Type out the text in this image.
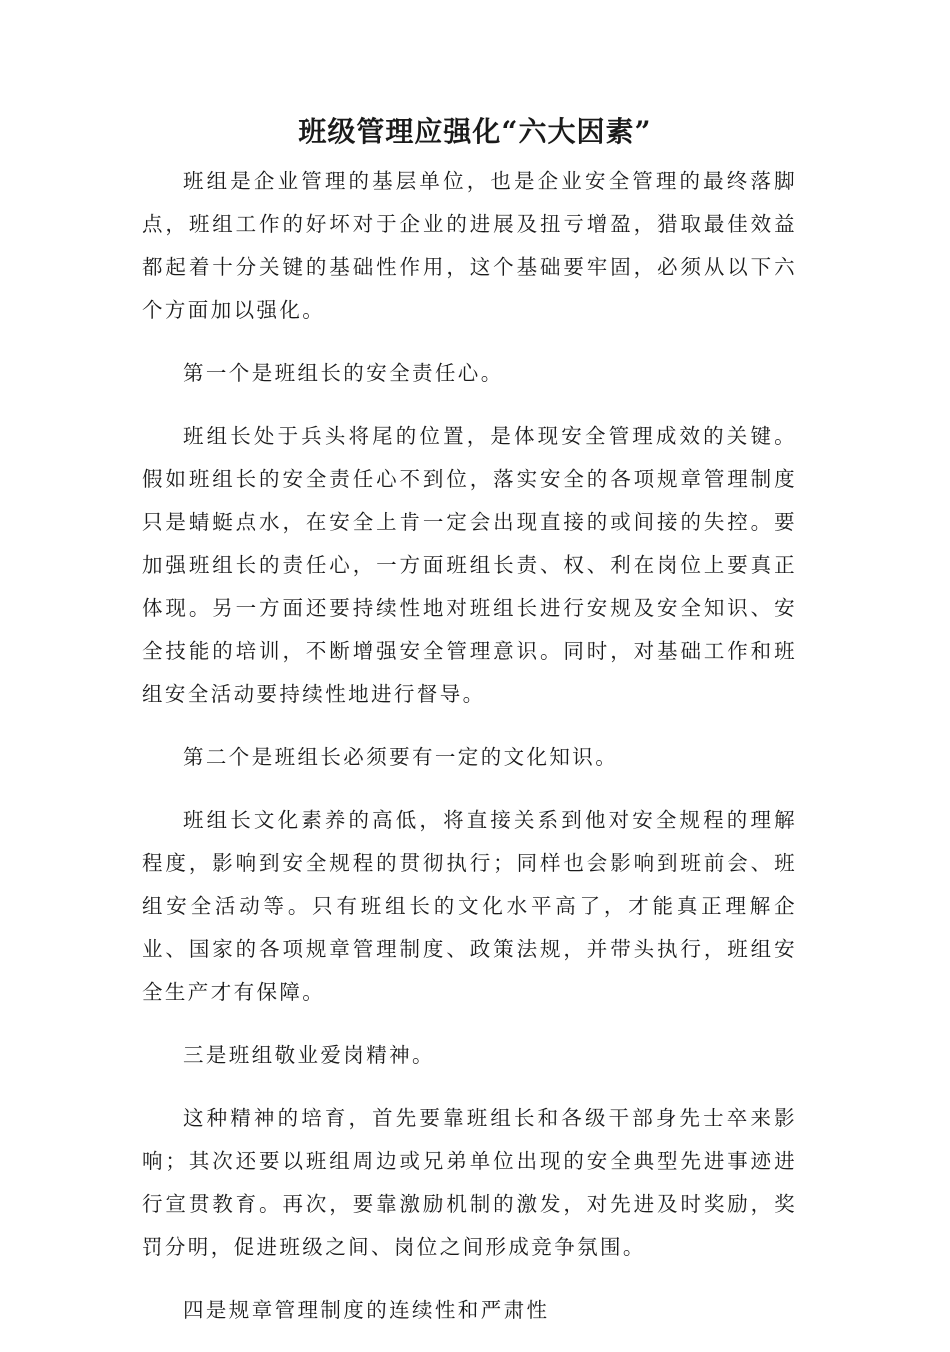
班级管理应强化“六大因素”

班组是企业管理的基层单位，也是企业安全管理的最终落脚点，班组工作的好坏对于企业的进展及扭亏增盈，猎取最佳效益都起着十分关键的基础性作用，这个基础要牢固，必须从以下六个方面加以强化。

第一个是班组长的安全责任心。

班组长处于兵头将尾的位置，是体现安全管理成效的关键。假如班组长的安全责任心不到位，落实安全的各项规章管理制度只是蜻蜓点水，在安全上肯一定会出现直接的或间接的失控。要加强班组长的责任心，一方面班组长责、权、利在岗位上要真正体现。另一方面还要持续性地对班组长进行安规及安全知识、安全技能的培训，不断增强安全管理意识。同时，对基础工作和班组安全活动要持续性地进行督导。

第二个是班组长必须要有一定的文化知识。

班组长文化素养的高低，将直接关系到他对安全规程的理解程度，影响到安全规程的贯彻执行；同样也会影响到班前会、班组安全活动等。只有班组长的文化水平高了，才能真正理解企业、国家的各项规章管理制度、政策法规，并带头执行，班组安全生产才有保障。

三是班组敬业爱岗精神。

这种精神的培育，首先要靠班组长和各级干部身先士卒来影响；其次还要以班组周边或兄弟单位出现的安全典型先进事迹进行宣贯教育。再次，要靠激励机制的激发，对先进及时奖励，奖罚分明，促进班级之间、岗位之间形成竞争氛围。

四是规章管理制度的连续性和严肃性
